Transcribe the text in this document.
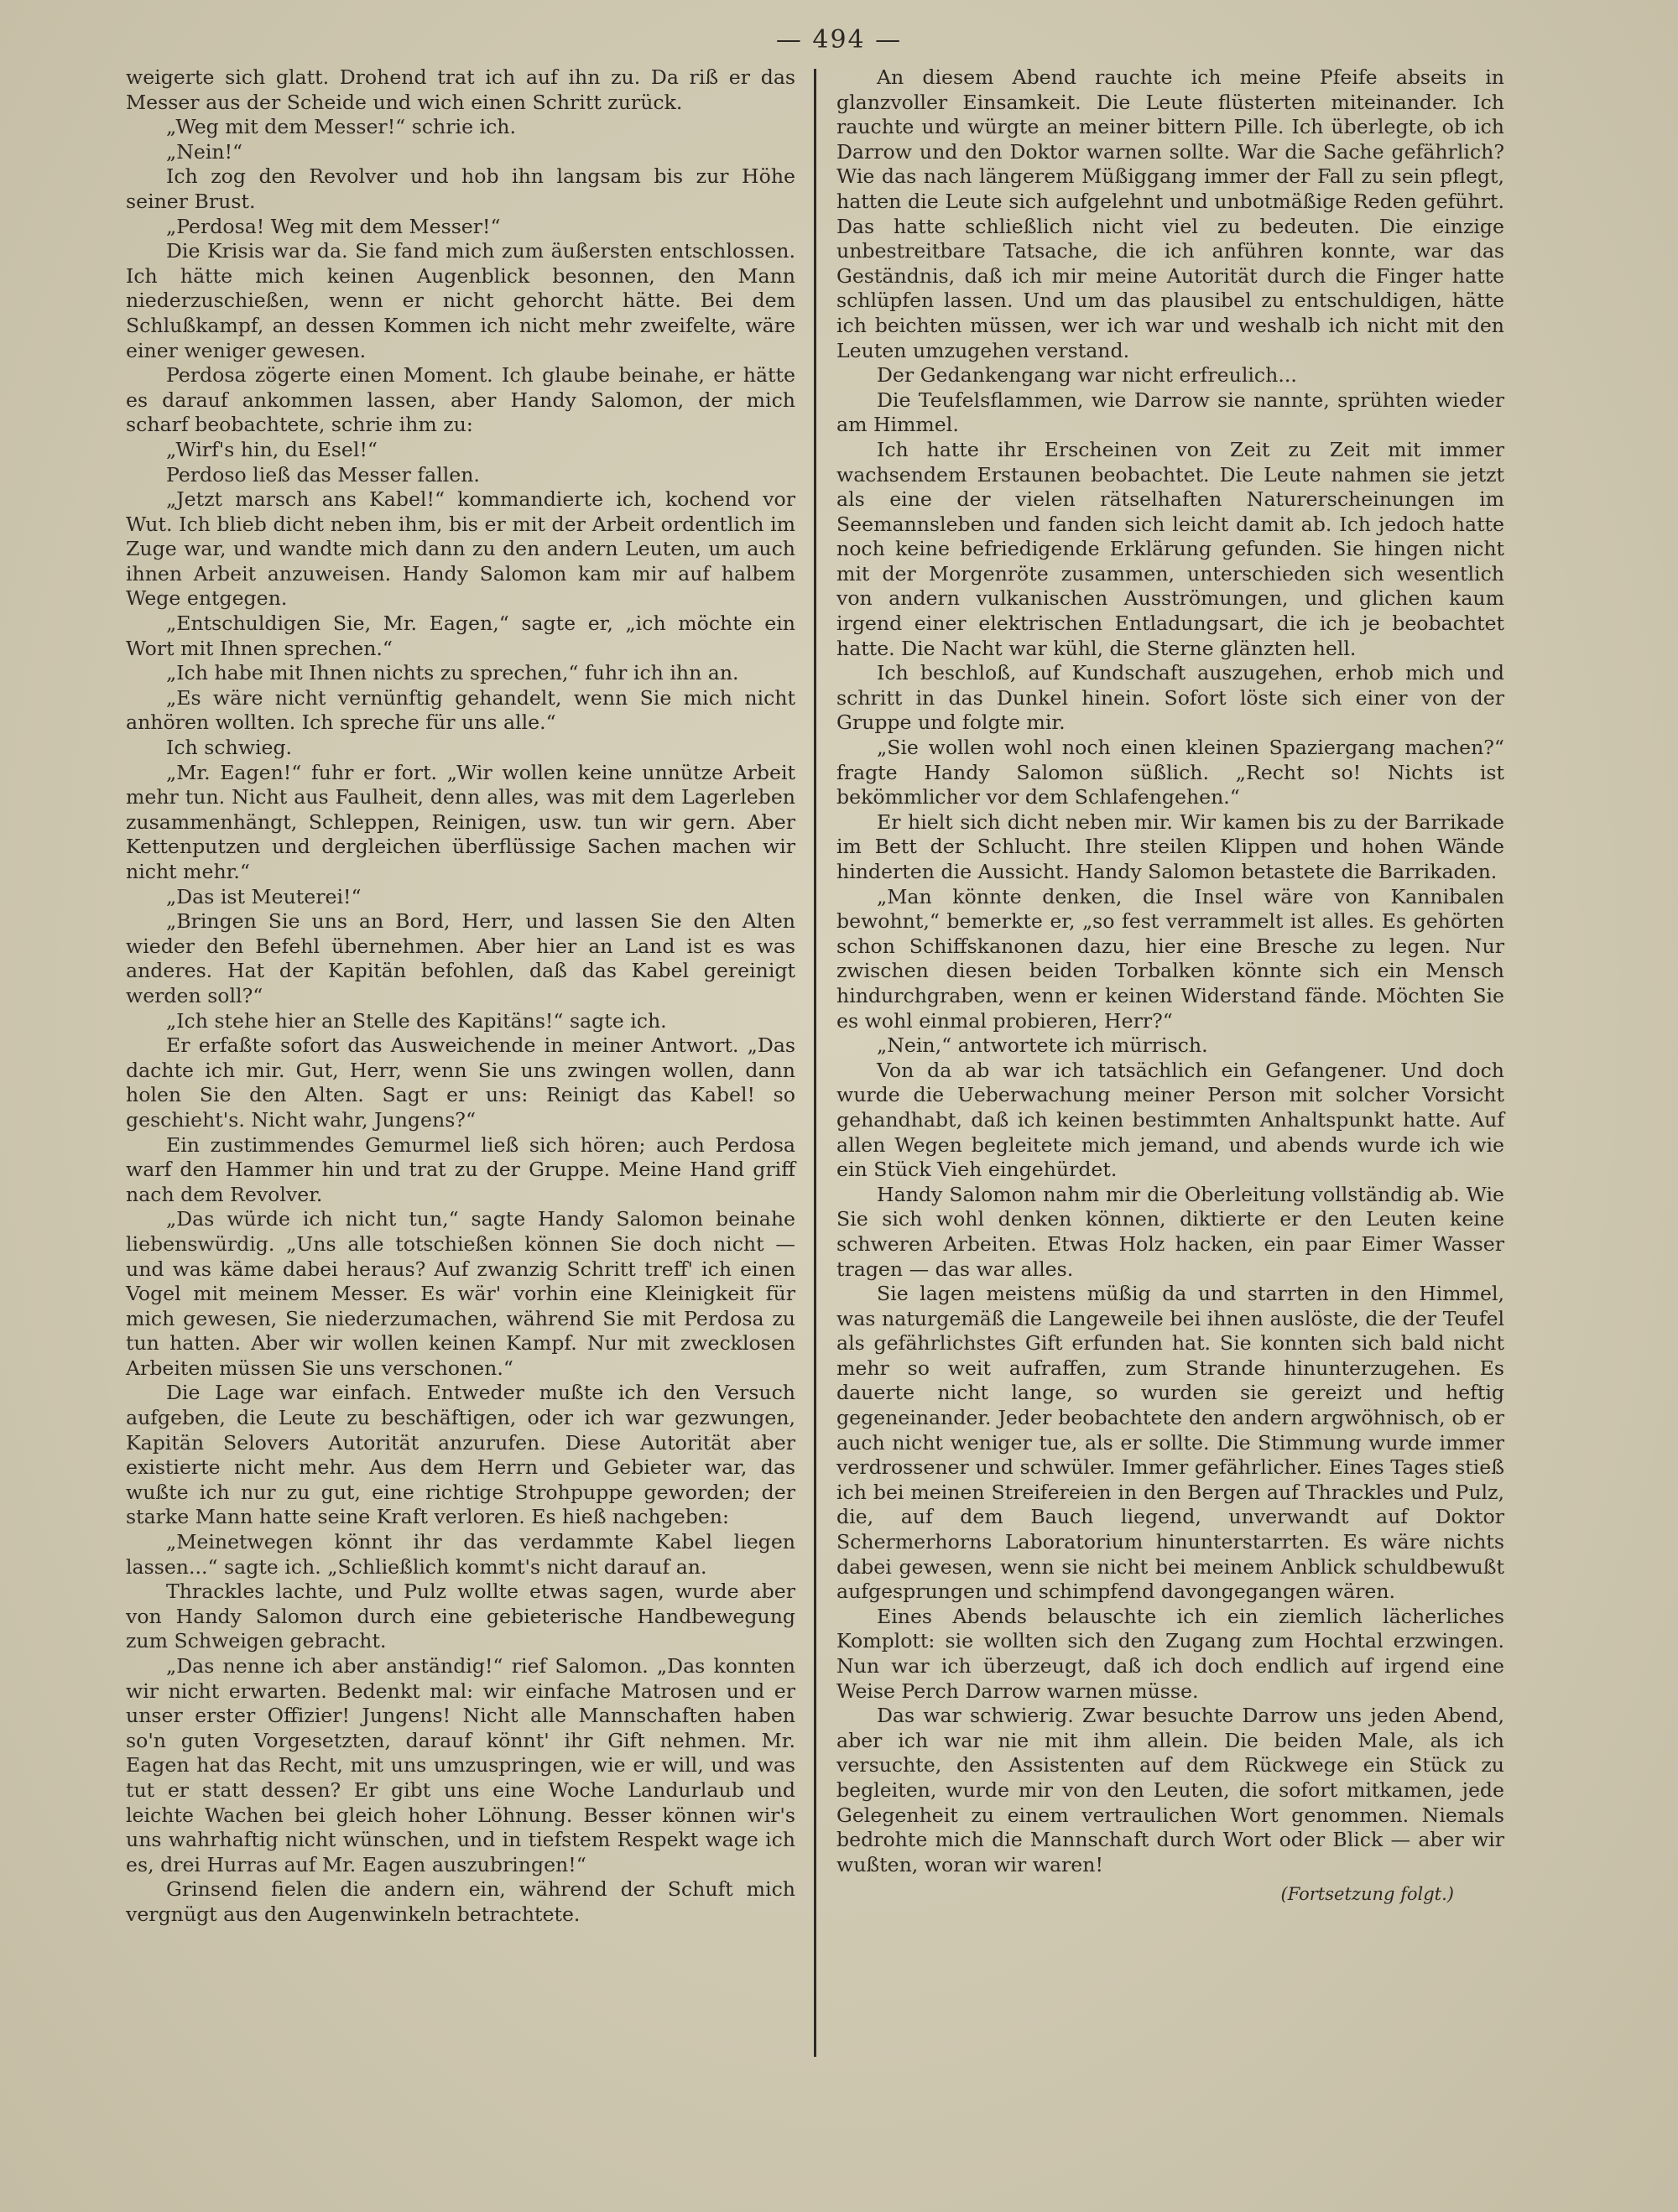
— 494 —

weigerte sich glatt. Drohend trat ich auf ihn zu. Da riß er das Messer aus der Scheide und wich einen Schritt zurück.

„Weg mit dem Messer!“ schrie ich.

„Nein!“

Ich zog den Revolver und hob ihn langsam bis zur Höhe seiner Brust.

„Perdosa! Weg mit dem Messer!“

Die Krisis war da. Sie fand mich zum äußersten entschlossen. Ich hätte mich keinen Augenblick besonnen, den Mann niederzuschießen, wenn er nicht gehorcht hätte. Bei dem Schlußkampf, an dessen Kommen ich nicht mehr zweifelte, wäre einer weniger gewesen.

Perdosa zögerte einen Moment. Ich glaube beinahe, er hätte es darauf ankommen lassen, aber Handy Salomon, der mich scharf beobachtete, schrie ihm zu:

„Wirf's hin, du Esel!“

Perdoso ließ das Messer fallen.

„Jetzt marsch ans Kabel!“ kommandierte ich, kochend vor Wut. Ich blieb dicht neben ihm, bis er mit der Arbeit ordentlich im Zuge war, und wandte mich dann zu den andern Leuten, um auch ihnen Arbeit anzuweisen. Handy Salomon kam mir auf halbem Wege entgegen.

„Entschuldigen Sie, Mr. Eagen,“ sagte er, „ich möchte ein Wort mit Ihnen sprechen.“

„Ich habe mit Ihnen nichts zu sprechen,“ fuhr ich ihn an.

„Es wäre nicht vernünftig gehandelt, wenn Sie mich nicht anhören wollten. Ich spreche für uns alle.“

Ich schwieg.

„Mr. Eagen!“ fuhr er fort. „Wir wollen keine unnütze Arbeit mehr tun. Nicht aus Faulheit, denn alles, was mit dem Lagerleben zusammenhängt, Schleppen, Reinigen, usw. tun wir gern. Aber Kettenputzen und dergleichen überflüssige Sachen machen wir nicht mehr.“

„Das ist Meuterei!“

„Bringen Sie uns an Bord, Herr, und lassen Sie den Alten wieder den Befehl übernehmen. Aber hier an Land ist es was anderes. Hat der Kapitän befohlen, daß das Kabel gereinigt werden soll?“

„Ich stehe hier an Stelle des Kapitäns!“ sagte ich.

Er erfaßte sofort das Ausweichende in meiner Antwort. „Das dachte ich mir. Gut, Herr, wenn Sie uns zwingen wollen, dann holen Sie den Alten. Sagt er uns: Reinigt das Kabel! so geschieht's. Nicht wahr, Jungens?“

Ein zustimmendes Gemurmel ließ sich hören; auch Perdosa warf den Hammer hin und trat zu der Gruppe. Meine Hand griff nach dem Revolver.

„Das würde ich nicht tun,“ sagte Handy Salomon beinahe liebenswürdig. „Uns alle totschießen können Sie doch nicht — und was käme dabei heraus? Auf zwanzig Schritt treff' ich einen Vogel mit meinem Messer. Es wär' vorhin eine Kleinigkeit für mich gewesen, Sie niederzumachen, während Sie mit Perdosa zu tun hatten. Aber wir wollen keinen Kampf. Nur mit zwecklosen Arbeiten müssen Sie uns verschonen.“

Die Lage war einfach. Entweder mußte ich den Versuch aufgeben, die Leute zu beschäftigen, oder ich war gezwungen, Kapitän Selovers Autorität anzurufen. Diese Autorität aber existierte nicht mehr. Aus dem Herrn und Gebieter war, das wußte ich nur zu gut, eine richtige Strohpuppe geworden; der starke Mann hatte seine Kraft verloren. Es hieß nachgeben:

„Meinetwegen könnt ihr das verdammte Kabel liegen lassen...“ sagte ich. „Schließlich kommt's nicht darauf an.

Thrackles lachte, und Pulz wollte etwas sagen, wurde aber von Handy Salomon durch eine gebieterische Handbewegung zum Schweigen gebracht.

„Das nenne ich aber anständig!“ rief Salomon. „Das konnten wir nicht erwarten. Bedenkt mal: wir einfache Matrosen und er unser erster Offizier! Jungens! Nicht alle Mannschaften haben so'n guten Vorgesetzten, darauf könnt' ihr Gift nehmen. Mr. Eagen hat das Recht, mit uns umzuspringen, wie er will, und was tut er statt dessen? Er gibt uns eine Woche Landurlaub und leichte Wachen bei gleich hoher Löhnung. Besser können wir's uns wahrhaftig nicht wünschen, und in tiefstem Respekt wage ich es, drei Hurras auf Mr. Eagen auszubringen!“

Grinsend fielen die andern ein, während der Schuft mich vergnügt aus den Augenwinkeln betrachtete.

An diesem Abend rauchte ich meine Pfeife abseits in glanzvoller Einsamkeit. Die Leute flüsterten miteinander. Ich rauchte und würgte an meiner bittern Pille. Ich überlegte, ob ich Darrow und den Doktor warnen sollte. War die Sache gefährlich? Wie das nach längerem Müßiggang immer der Fall zu sein pflegt, hatten die Leute sich aufgelehnt und unbotmäßige Reden geführt. Das hatte schließlich nicht viel zu bedeuten. Die einzige unbestreitbare Tatsache, die ich anführen konnte, war das Geständnis, daß ich mir meine Autorität durch die Finger hatte schlüpfen lassen. Und um das plausibel zu entschuldigen, hätte ich beichten müssen, wer ich war und weshalb ich nicht mit den Leuten umzugehen verstand.

Der Gedankengang war nicht erfreulich...

Die Teufelsflammen, wie Darrow sie nannte, sprühten wieder am Himmel.

Ich hatte ihr Erscheinen von Zeit zu Zeit mit immer wachsendem Erstaunen beobachtet. Die Leute nahmen sie jetzt als eine der vielen rätselhaften Naturerscheinungen im Seemannsleben und fanden sich leicht damit ab. Ich jedoch hatte noch keine befriedigende Erklärung gefunden. Sie hingen nicht mit der Morgenröte zusammen, unterschieden sich wesentlich von andern vulkanischen Ausströmungen, und glichen kaum irgend einer elektrischen Entladungsart, die ich je beobachtet hatte. Die Nacht war kühl, die Sterne glänzten hell.

Ich beschloß, auf Kundschaft auszugehen, erhob mich und schritt in das Dunkel hinein. Sofort löste sich einer von der Gruppe und folgte mir.

„Sie wollen wohl noch einen kleinen Spaziergang machen?“ fragte Handy Salomon süßlich. „Recht so! Nichts ist bekömmlicher vor dem Schlafengehen.“

Er hielt sich dicht neben mir. Wir kamen bis zu der Barrikade im Bett der Schlucht. Ihre steilen Klippen und hohen Wände hinderten die Aussicht. Handy Salomon betastete die Barrikaden.

„Man könnte denken, die Insel wäre von Kannibalen bewohnt,“ bemerkte er, „so fest verrammelt ist alles. Es gehörten schon Schiffskanonen dazu, hier eine Bresche zu legen. Nur zwischen diesen beiden Torbalken könnte sich ein Mensch hindurchgraben, wenn er keinen Widerstand fände. Möchten Sie es wohl einmal probieren, Herr?“

„Nein,“ antwortete ich mürrisch.

Von da ab war ich tatsächlich ein Gefangener. Und doch wurde die Ueberwachung meiner Person mit solcher Vorsicht gehandhabt, daß ich keinen bestimmten Anhaltspunkt hatte. Auf allen Wegen begleitete mich jemand, und abends wurde ich wie ein Stück Vieh eingehürdet.

Handy Salomon nahm mir die Oberleitung vollständig ab. Wie Sie sich wohl denken können, diktierte er den Leuten keine schweren Arbeiten. Etwas Holz hacken, ein paar Eimer Wasser tragen — das war alles.

Sie lagen meistens müßig da und starrten in den Himmel, was naturgemäß die Langeweile bei ihnen auslöste, die der Teufel als gefährlichstes Gift erfunden hat. Sie konnten sich bald nicht mehr so weit aufraffen, zum Strande hinunterzugehen. Es dauerte nicht lange, so wurden sie gereizt und heftig gegeneinander. Jeder beobachtete den andern argwöhnisch, ob er auch nicht weniger tue, als er sollte. Die Stimmung wurde immer verdrossener und schwüler. Immer gefährlicher. Eines Tages stieß ich bei meinen Streifereien in den Bergen auf Thrackles und Pulz, die, auf dem Bauch liegend, unverwandt auf Doktor Schermerhorns Laboratorium hinunterstarrten. Es wäre nichts dabei gewesen, wenn sie nicht bei meinem Anblick schuldbewußt aufgesprungen und schimpfend davongegangen wären.

Eines Abends belauschte ich ein ziemlich lächerliches Komplott: sie wollten sich den Zugang zum Hochtal erzwingen. Nun war ich überzeugt, daß ich doch endlich auf irgend eine Weise Perch Darrow warnen müsse.

Das war schwierig. Zwar besuchte Darrow uns jeden Abend, aber ich war nie mit ihm allein. Die beiden Male, als ich versuchte, den Assistenten auf dem Rückwege ein Stück zu begleiten, wurde mir von den Leuten, die sofort mitkamen, jede Gelegenheit zu einem vertraulichen Wort genommen. Niemals bedrohte mich die Mannschaft durch Wort oder Blick — aber wir wußten, woran wir waren!

(Fortsetzung folgt.)
